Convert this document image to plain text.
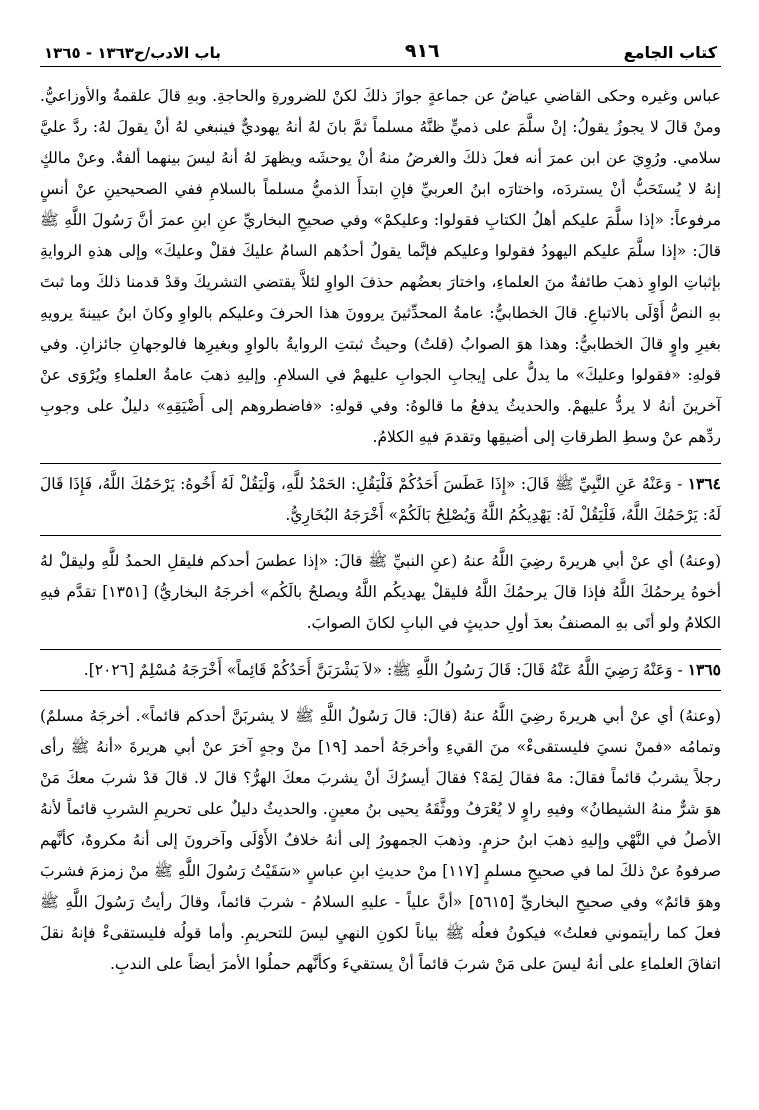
كتاب الجامع
٩١٦
باب الادب/ح١٣٦٣ - ١٣٦٥

عباس وغيره وحكى القاضي عياضٌ عن جماعةٍ جوازَ ذلكَ لكنْ للضرورةِ والحاجةِ. وبهِ قالَ علقمةُ والأوزاعيُّ. ومنْ قالَ لا يجوزُ يقولُ: إنْ سلَّمَ على ذميٍّ ظنَّهُ مسلماً ثمَّ بانَ لهُ أنهُ يهوديٌّ فينبغي لهُ أنْ يقولَ لهُ: ردَّ عليَّ سلامي. ورُوِيَ عن ابن عمرَ أنه فعلَ ذلكَ والغرضُ منهُ أنْ يوحشَه ويظهرَ لهُ أنهُ ليسَ بينهما ألفةٌ. وعنْ مالكٍ إنهُ لا يُستَحَبُّ أنْ يستردَه، واختارَه ابنُ العربيِّ فإنِ ابتدأَ الذميُّ مسلماً بالسلامِ ففي الصحيحينِ عنْ أنسٍ مرفوعاً: «إذا سلَّمَ عليكم أهلُ الكتابِ فقولوا: وعليكمْ» وفي صحيحِ البخاريِّ عنِ ابنِ عمرَ أنَّ رَسُولَ اللَّهِ ﷺ قالَ: «إذا سلَّمَ عليكم اليهودُ فقولوا وعليكم فإنَّما يقولُ أحدُهم السامُ عليكَ فقلْ وعليكَ» وإلى هذهِ الروايةِ بإثباتِ الواوِ ذهبَ طائفةٌ منَ العلماءِ، واختارَ بعضُهم حذفَ الواوِ لئلاَّ يقتضي التشريكَ وقدْ قدمنا ذلكَ وما ثبتَ بهِ النصُّ أَوْلَى بالاتباعِ. قالَ الخطابيُّ: عامةُ المحدِّثينَ يروونَ هذا الحرفَ وعليكم بالواوِ وكانَ ابنُ عيينةَ يرويهِ بغيرِ واوٍ قالَ الخطابيُّ: وهذا هوَ الصوابُ (قلتُ) وحيثُ ثبتتِ الروايةُ بالواوِ وبغيرِها فالوجهانِ جائزانِ. وفي قولهِ: «فقولوا وعليكَ» ما يدلُّ على إيجابِ الجوابِ عليهمْ في السلامِ. وإليهِ ذهبَ عامةُ العلماءِ ويُرْوَى عنْ آخرينَ أنهُ لا يردُّ عليهمْ. والحديثُ يدفعُ ما قالوهُ: وفي قولهِ: «فاضطروهم إلى أَضْيَقِهِ» دليلٌ على وجوبِ ردِّهم عنْ وسطِ الطرقاتِ إلى أضيقِها وتقدمَ فيهِ الكلامُ.

١٣٦٤ - وَعَنْهُ عَنِ النَّبِيِّ ﷺ قَالَ: «إِذَا عَطَسَ أَحَدُكُمْ فَلْيَقُلِ: الحَمْدُ للَّهِ، وَلْيَقُلْ لَهُ أَخُوهُ: يَرْحَمُكَ اللَّهُ، فَإِذَا قَالَ لَهُ: يَرْحَمُكَ اللَّهُ، فَلْيَقُلْ لَهُ: يَهْدِيكُمُ اللَّهُ وَيُصْلِحُ بَالَكُمْ» أَخْرَجَهُ البُخَارِيُّ.

(وعنهُ) أي عنْ أبي هريرةَ رضِيَ اللَّهُ عنهُ (عنِ النبيِّ ﷺ قالَ: «إذا عطسَ أحدكم فليقلِ الحمدُ للَّهِ وليقلْ لهُ أخوهُ يرحمُكَ اللَّهُ فإذا قالَ يرحمُكَ اللَّهُ فليقلْ يهديكُم اللَّهُ ويصلحُ بالَكُم» أخرجَهُ البخاريُّ) [١٣٥١] تقدَّم فيهِ الكلامُ ولو أتَى بهِ المصنفُ بعدَ أولِ حديثٍ في البابِ لكانَ الصوابَ.

١٣٦٥ - وَعَنْهُ رَضِيَ اللَّهُ عَنْهُ قَالَ: قَالَ رَسُولُ اللَّهِ ﷺ: «لاَ يَشْرَبَنَّ أَحَدُكُمْ قَائِماً» أَخْرَجَهُ مُسْلِمٌ [٢٠٢٦].

(وعنهُ) أي عنْ أبي هريرةَ رضِيَ اللَّهُ عنهُ (قالَ: قالَ رَسُولُ اللَّهِ ﷺ لا يشربَنَّ أحدكم قائماً». أخرجَهُ مسلمٌ) وتمامُه «فمنْ نسيَ فليستقىءْ» منَ القيءِ وأخرجَهُ أحمد [١٩] منْ وجهٍ آخرَ عنْ أبي هريرةَ «أنهُ ﷺ رأى رجلاً يشربُ قائماً فقالَ: مهْ فقالَ لِمَهْ؟ فقالَ أيسرُكَ أنْ يشربَ معكَ الهرُّ؟ قالَ لا. قالَ قدْ شربَ معكَ مَنْ هوَ شرٌّ منهُ الشيطانُ» وفيهِ راوٍ لا يُعْرَفُ ووثَّقَهُ يحيى بنُ معينٍ. والحديثُ دليلٌ على تحريمِ الشربِ قائماً لأنهُ الأصلُ في النَّهْي وإليهِ ذهبَ ابنُ حزمٍ. وذهبَ الجمهورُ إلى أنهُ خلافُ الأَوْلَى وآخرونَ إلى أنهُ مكروهٌ، كأنَّهم صرفوهُ عنْ ذلكَ لما في صحيحِ مسلمٍ [١١٧] منْ حديثِ ابنِ عباسٍ «سَقَيْتُ رَسُولَ اللَّهِ ﷺ منْ زمزمَ فشربَ وهوَ قائمٌ» وفي صحيحِ البخاريِّ [٥٦١٥] «أنَّ علياً - عليهِ السلامُ - شربَ قائماً، وقالَ رأيتُ رَسُولَ اللَّهِ ﷺ فعلَ كما رأيتموني فعلتُ» فيكونُ فعلُه ﷺ بياناً لكونِ النهيِ ليسَ للتحريمِ. وأما قولُه فليستقىءْ فإنهُ نقلَ اتفاقَ العلماءِ على أنهُ ليسَ على مَنْ شربَ قائماً أنْ يستقيءَ وكأنَّهم حملُوا الأمرَ أيضاً على الندبِ.
